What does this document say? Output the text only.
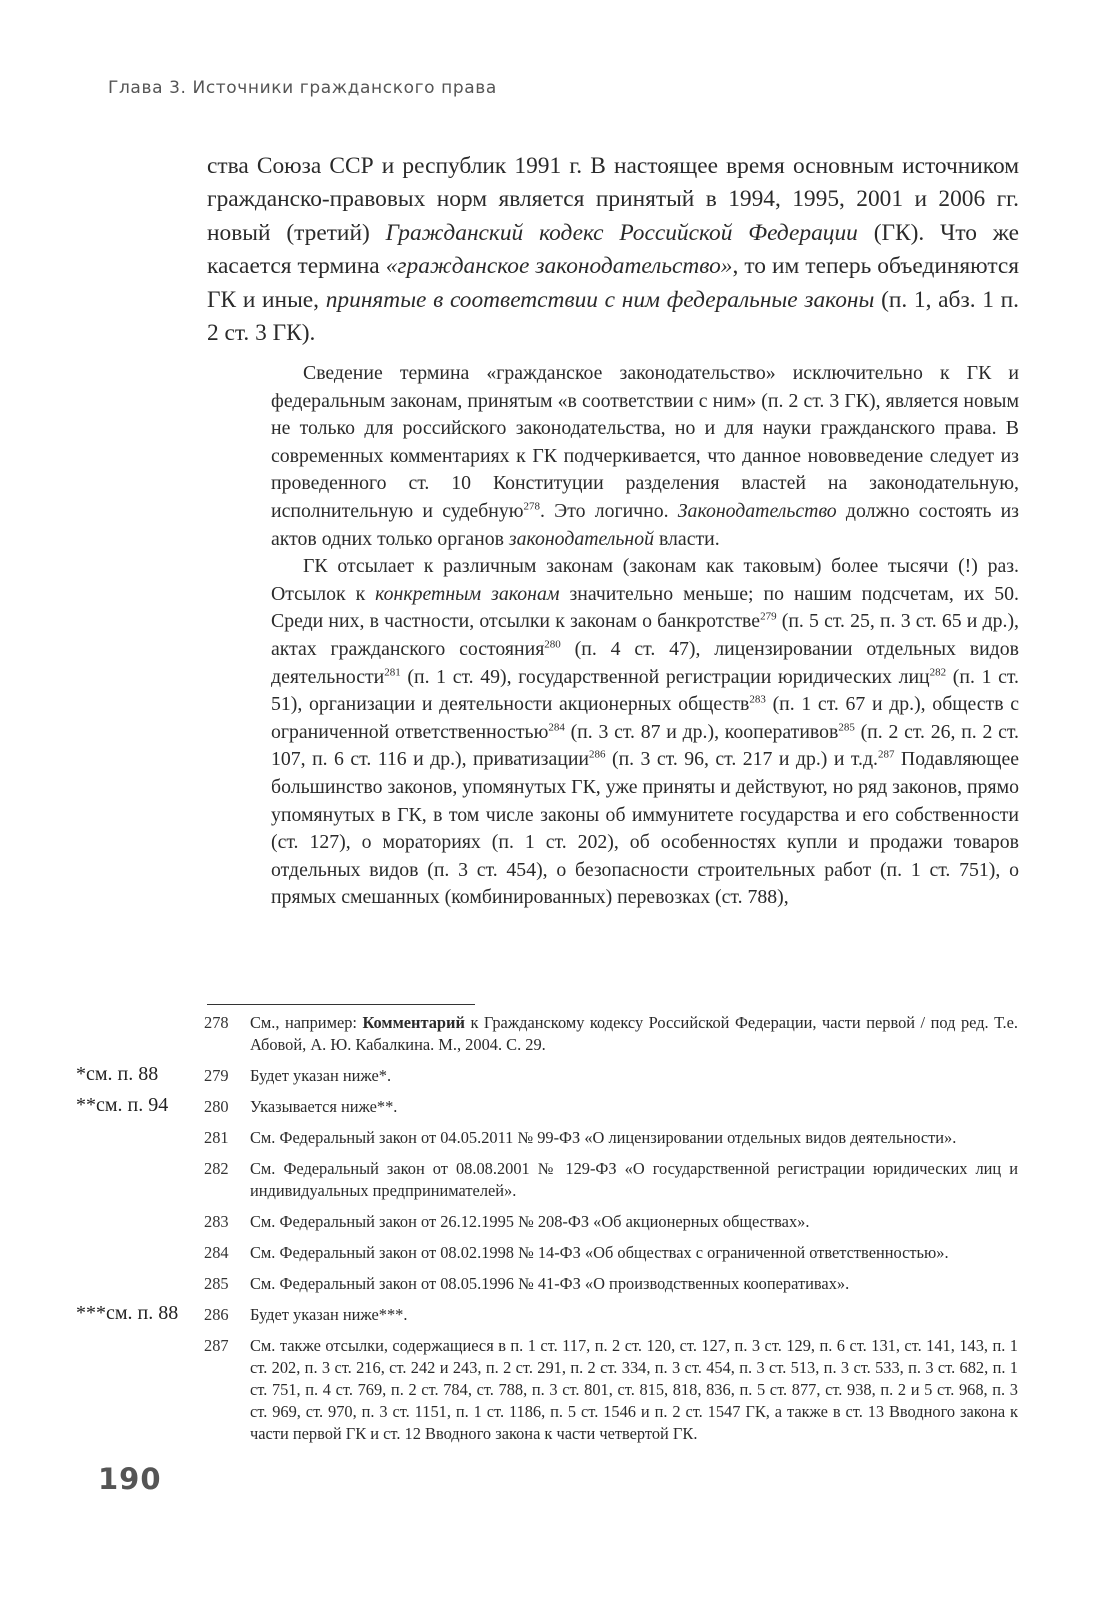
Глава 3. Источники гражданского права

ства Союза ССР и республик 1991 г. В настоящее время основным источником гражданско-правовых норм является принятый в 1994, 1995, 2001 и 2006 гг. новый (третий) Гражданский кодекс Российской Федерации (ГК). Что же касается термина «гражданское законодательство», то им теперь объединяются ГК и иные, принятые в соответствии с ним федеральные законы (п. 1, абз. 1 п. 2 ст. 3 ГК).

Сведение термина «гражданское законодательство» исключительно к ГК и федеральным законам, принятым «в соответствии с ним» (п. 2 ст. 3 ГК), является новым не только для российского законодательства, но и для науки гражданского права. В современных комментариях к ГК подчеркивается, что данное нововведение следует из проведенного ст. 10 Конституции разделения властей на законодательную, исполнительную и судебную$^{278}$. Это логично. Законодательство должно состоять из актов одних только органов законодательной власти.

ГК отсылает к различным законам (законам как таковым) более тысячи (!) раз. Отсылок к конкретным законам значительно меньше; по нашим подсчетам, их 50. Среди них, в частности, отсылки к законам о банкротстве$^{279}$ (п. 5 ст. 25, п. 3 ст. 65 и др.), актах гражданского состояния$^{280}$ (п. 4 ст. 47), лицензировании отдельных видов деятельности$^{281}$ (п. 1 ст. 49), государственной регистрации юридических лиц$^{282}$ (п. 1 ст. 51), организации и деятельности акционерных обществ$^{283}$ (п. 1 ст. 67 и др.), обществ с ограниченной ответственностью$^{284}$ (п. 3 ст. 87 и др.), кооперативов$^{285}$ (п. 2 ст. 26, п. 2 ст. 107, п. 6 ст. 116 и др.), приватизации$^{286}$ (п. 3 ст. 96, ст. 217 и др.) и т.д.$^{287}$ Подавляющее большинство законов, упомянутых ГК, уже приняты и действуют, но ряд законов, прямо упомянутых в ГК, в том числе законы об иммунитете государства и его собственности (ст. 127), о мораториях (п. 1 ст. 202), об особенностях купли и продажи товаров отдельных видов (п. 3 ст. 454), о безопасности строительных работ (п. 1 ст. 751), о прямых смешанных (комбинированных) перевозках (ст. 788),

278	См., например: Комментарий к Гражданскому кодексу Российской Федерации, части первой / под ред. Т.е. Абовой, А. Ю. Кабалкина. М., 2004. С. 29.
*см. п. 88	279	Будет указан ниже*.
**см. п. 94 280	Указывается ниже**.
281	См. Федеральный закон от 04.05.2011 № 99-ФЗ «О лицензировании отдельных видов деятельности».
282	См. Федеральный закон от 08.08.2001 № 129-ФЗ «О государственной регистрации юридических лиц и индивидуальных предпринимателей».
283	См. Федеральный закон от 26.12.1995 № 208-ФЗ «Об акционерных обществах».
284	См. Федеральный закон от 08.02.1998 № 14-ФЗ «Об обществах с ограниченной ответственностью».
285	См. Федеральный закон от 08.05.1996 № 41-ФЗ «О производственных кооперативах».
***см. п. 88 286	Будет указан ниже***.
287	См. также отсылки, содержащиеся в п. 1 ст. 117, п. 2 ст. 120, ст. 127, п. 3 ст. 129, п. 6 ст. 131, ст. 141, 143, п. 1 ст. 202, п. 3 ст. 216, ст. 242 и 243, п. 2 ст. 291, п. 2 ст. 334, п. 3 ст. 454, п. 3 ст. 513, п. 3 ст. 533, п. 3 ст. 682, п. 1 ст. 751, п. 4 ст. 769, п. 2 ст. 784, ст. 788, п. 3 ст. 801, ст. 815, 818, 836, п. 5 ст. 877, ст. 938, п. 2 и 5 ст. 968, п. 3 ст. 969, ст. 970, п. 3 ст. 1151, п. 1 ст. 1186, п. 5 ст. 1546 и п. 2 ст. 1547 ГК, а также в ст. 13 Вводного закона к части первой ГК и ст. 12 Вводного закона к части четвертой ГК.
190
